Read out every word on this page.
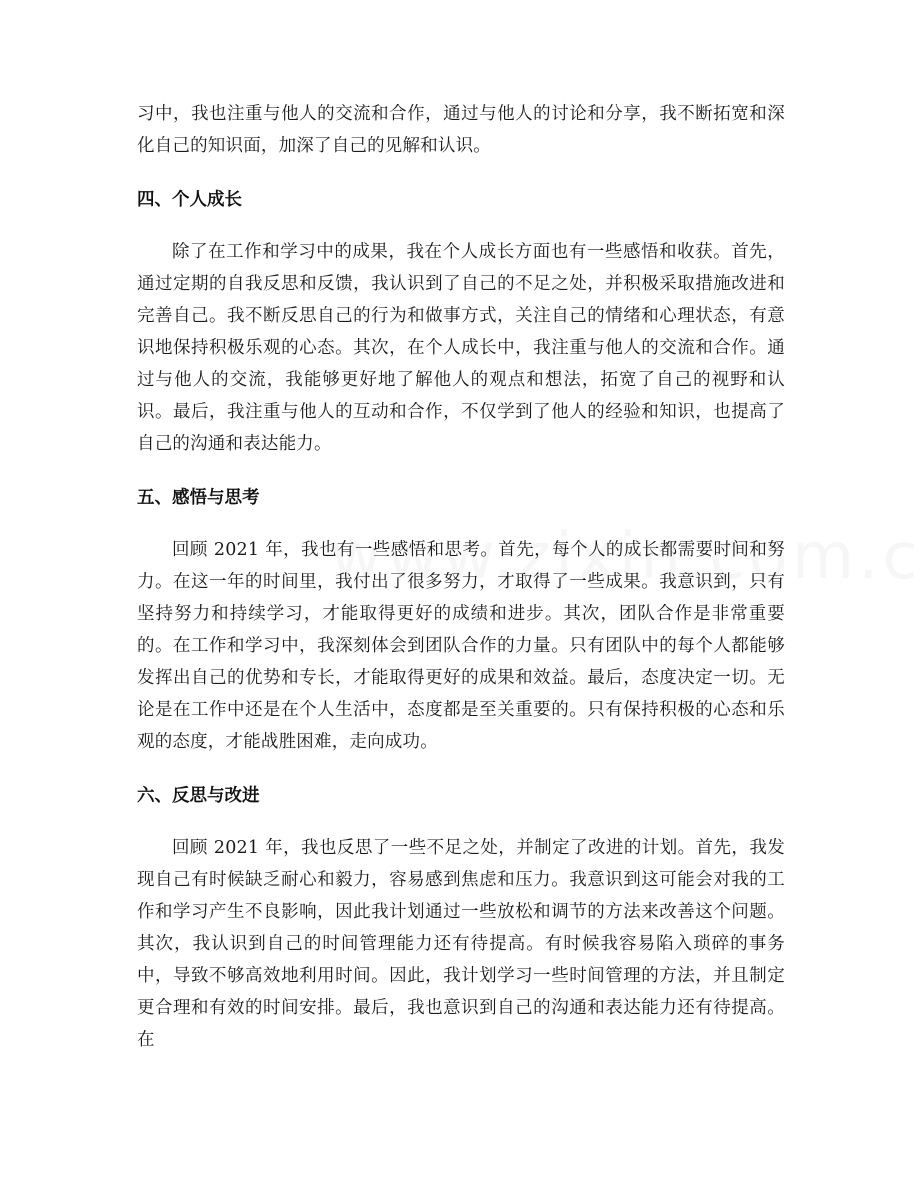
习中，我也注重与他人的交流和合作，通过与他人的讨论和分享，我不断拓宽和深化自己的知识面，加深了自己的见解和认识。

四、个人成长

除了在工作和学习中的成果，我在个人成长方面也有一些感悟和收获。首先，通过定期的自我反思和反馈，我认识到了自己的不足之处，并积极采取措施改进和完善自己。我不断反思自己的行为和做事方式，关注自己的情绪和心理状态，有意识地保持积极乐观的心态。其次，在个人成长中，我注重与他人的交流和合作。通过与他人的交流，我能够更好地了解他人的观点和想法，拓宽了自己的视野和认识。最后，我注重与他人的互动和合作，不仅学到了他人的经验和知识，也提高了自己的沟通和表达能力。

五、感悟与思考

回顾 2021 年，我也有一些感悟和思考。首先，每个人的成长都需要时间和努力。在这一年的时间里，我付出了很多努力，才取得了一些成果。我意识到，只有坚持努力和持续学习，才能取得更好的成绩和进步。其次，团队合作是非常重要的。在工作和学习中，我深刻体会到团队合作的力量。只有团队中的每个人都能够发挥出自己的优势和专长，才能取得更好的成果和效益。最后，态度决定一切。无论是在工作中还是在个人生活中，态度都是至关重要的。只有保持积极的心态和乐观的态度，才能战胜困难，走向成功。

六、反思与改进

回顾 2021 年，我也反思了一些不足之处，并制定了改进的计划。首先，我发现自己有时候缺乏耐心和毅力，容易感到焦虑和压力。我意识到这可能会对我的工作和学习产生不良影响，因此我计划通过一些放松和调节的方法来改善这个问题。其次，我认识到自己的时间管理能力还有待提高。有时候我容易陷入琐碎的事务中，导致不够高效地利用时间。因此，我计划学习一些时间管理的方法，并且制定更合理和有效的时间安排。最后，我也意识到自己的沟通和表达能力还有待提高。在
